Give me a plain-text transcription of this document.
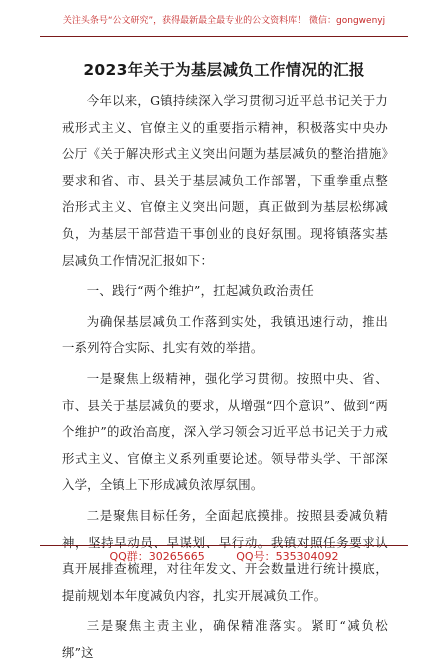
关注头条号“公文研究”，获得最新最全最专业的公文资料库！ 微信：gongwenyj
2023年关于为基层减负工作情况的汇报

今年以来，G镇持续深入学习贯彻习近平总书记关于力戒形式主义、官僚主义的重要指示精神，积极落实中央办公厅《关于解决形式主义突出问题为基层减负的整治措施》要求和省、市、县关于基层减负工作部署，下重拳重点整治形式主义、官僚主义突出问题，真正做到为基层松绑减负，为基层干部营造干事创业的良好氛围。现将镇落实基层减负工作情况汇报如下：

一、践行“两个维护”，扛起减负政治责任

为确保基层减负工作落到实处，我镇迅速行动，推出一系列符合实际、扎实有效的举措。

一是聚焦上级精神，强化学习贯彻。按照中央、省、市、县关于基层减负的要求，从增强“四个意识”、做到“两个维护”的政治高度，深入学习领会习近平总书记关于力戒形式主义、官僚主义系列重要论述。领导带头学、干部深入学，全镇上下形成减负浓厚氛围。

二是聚焦目标任务，全面起底摸排。按照县委减负精神，坚持早动员、早谋划、早行动。我镇对照任务要求认真开展排查梳理，对往年发文、开会数量进行统计摸底，提前规划本年度减负内容，扎实开展减负工作。

三是聚焦主责主业，确保精准落实。紧盯“减负松绑”这

QQ群：30265665	QQ号：535304092
